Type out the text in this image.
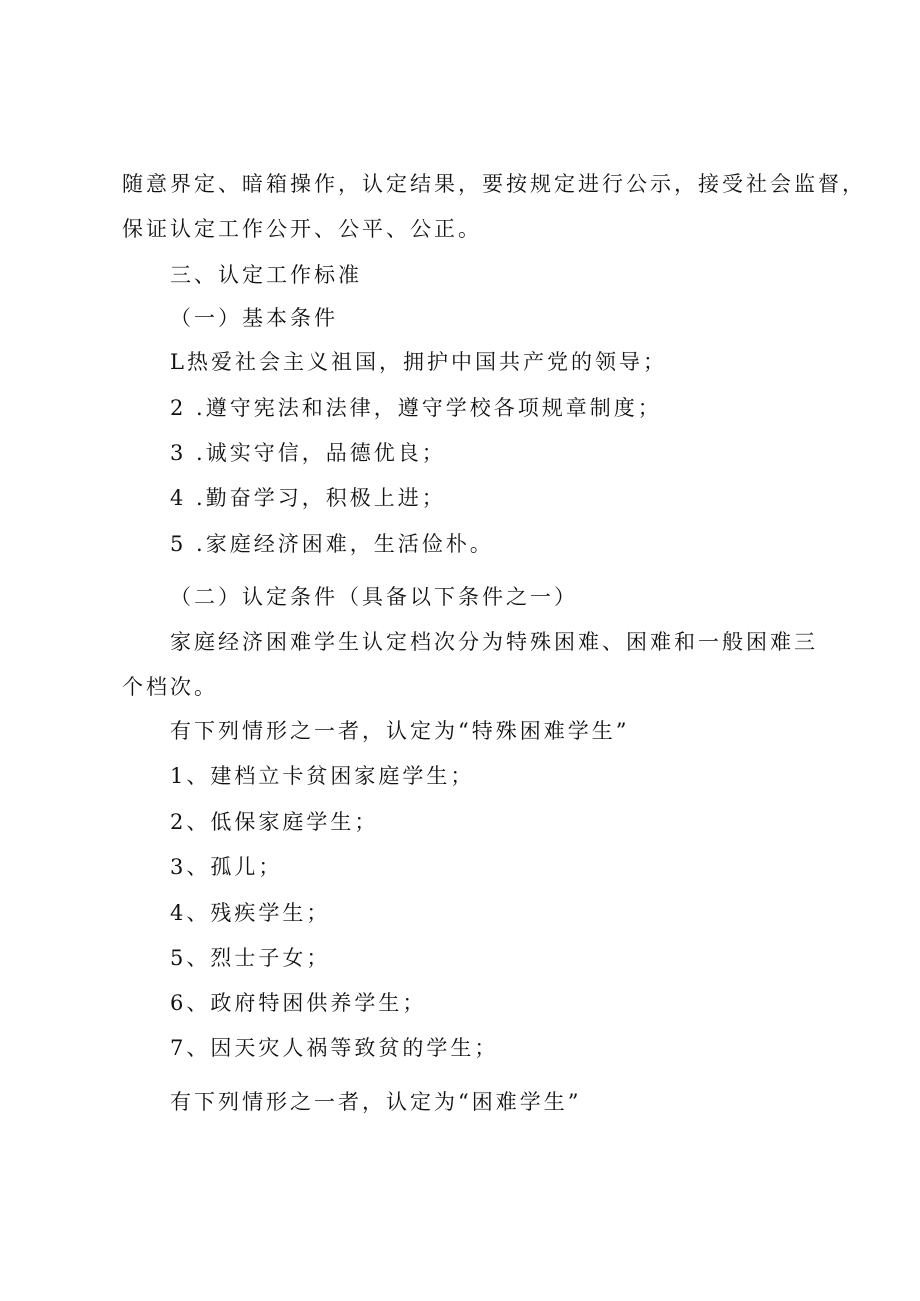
随意界定、暗箱操作，认定结果，要按规定进行公示，接受社会监督，
保证认定工作公开、公平、公正。
三、认定工作标准
（一）基本条件
L热爱社会主义祖国，拥护中国共产党的领导；
2 .遵守宪法和法律，遵守学校各项规章制度；
3 .诚实守信，品德优良；
4 .勤奋学习，积极上进；
5 .家庭经济困难，生活俭朴。
（二）认定条件（具备以下条件之一）
家庭经济困难学生认定档次分为特殊困难、困难和一般困难三
个档次。
有下列情形之一者，认定为“特殊困难学生”
1、建档立卡贫困家庭学生；
2、低保家庭学生；
3、孤儿；
4、残疾学生；
5、烈士子女；
6、政府特困供养学生；
7、因天灾人祸等致贫的学生；
有下列情形之一者，认定为“困难学生”
